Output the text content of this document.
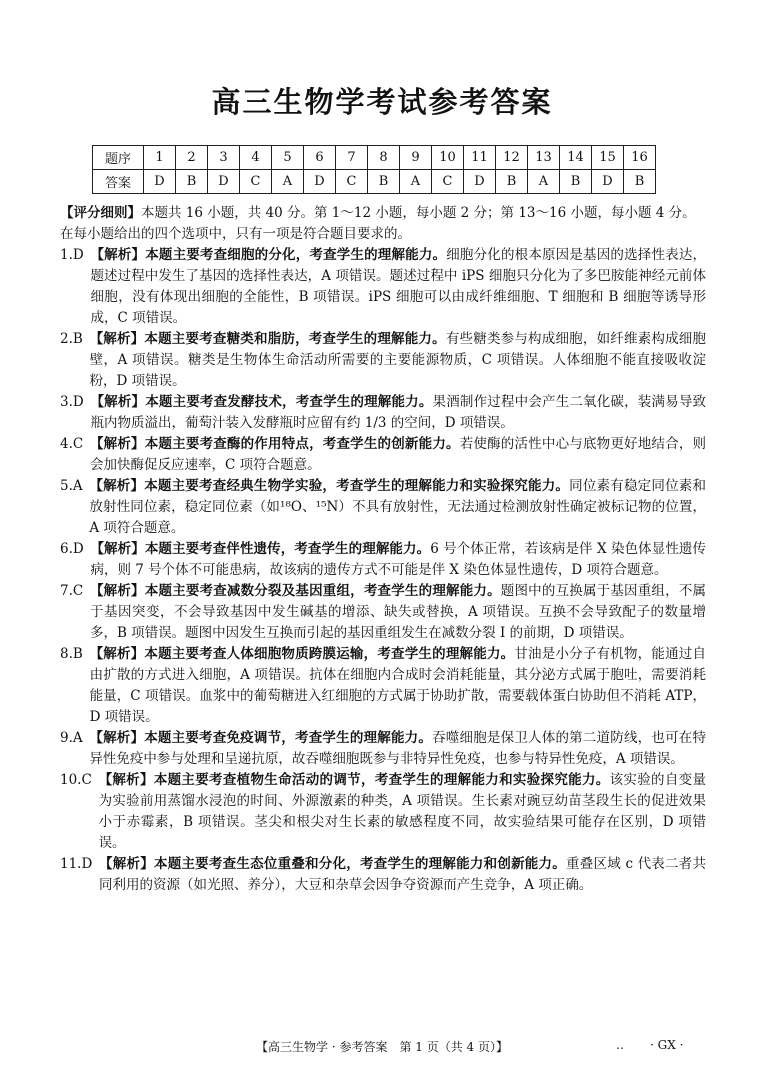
高三生物学考试参考答案
题序	1	2	3	4	5	6	7	8	9	10	11	12	13	14	15	16
答案	D	B	D	C	A	D	C	B	A	C	D	B	A	B	D	B

【评分细则】本题共 16 小题，共 40 分。第 1～12 小题，每小题 2 分；第 13～16 小题，每小题 4 分。在每小题给出的四个选项中，只有一项是符合题目要求的。

1.D
  【解析】本题主要考查细胞的分化，考查学生的理解能力。细胞分化的根本原因是基因的选择性表达，题述过程中发生了基因的选择性表达，A 项错误。题述过程中 iPS 细胞只分化为了多巴胺能神经元前体细胞，没有体现出细胞的全能性，B 项错误。iPS 细胞可以由成纤维细胞、T 细胞和 B 细胞等诱导形成，C 项错误。
2.B
  【解析】本题主要考查糖类和脂肪，考查学生的理解能力。有些糖类参与构成细胞，如纤维素构成细胞壁，A 项错误。糖类是生物体生命活动所需要的主要能源物质，C 项错误。人体细胞不能直接吸收淀粉，D 项错误。
3.D
  【解析】本题主要考查发酵技术，考查学生的理解能力。果酒制作过程中会产生二氧化碳，装满易导致瓶内物质溢出，葡萄汁装入发酵瓶时应留有约 1/3 的空间，D 项错误。
4.C
  【解析】本题主要考查酶的作用特点，考查学生的创新能力。若使酶的活性中心与底物更好地结合，则会加快酶促反应速率，C 项符合题意。
5.A
  【解析】本题主要考查经典生物学实验，考查学生的理解能力和实验探究能力。同位素有稳定同位素和放射性同位素，稳定同位素（如¹⁸O、¹⁵N）不具有放射性，无法通过检测放射性确定被标记物的位置，A 项符合题意。
6.D
  【解析】本题主要考查伴性遗传，考查学生的理解能力。6 号个体正常，若该病是伴 X 染色体显性遗传病，则 7 号个体不可能患病，故该病的遗传方式不可能是伴 X 染色体显性遗传，D 项符合题意。
7.C
  【解析】本题主要考查减数分裂及基因重组，考查学生的理解能力。题图中的互换属于基因重组，不属于基因突变，不会导致基因中发生碱基的增添、缺失或替换，A 项错误。互换不会导致配子的数量增多，B 项错误。题图中因发生互换而引起的基因重组发生在减数分裂 Ⅰ 的前期，D 项错误。
8.B
  【解析】本题主要考查人体细胞物质跨膜运输，考查学生的理解能力。甘油是小分子有机物，能通过自由扩散的方式进入细胞，A 项错误。抗体在细胞内合成时会消耗能量，其分泌方式属于胞吐，需要消耗能量，C 项错误。血浆中的葡萄糖进入红细胞的方式属于协助扩散，需要载体蛋白协助但不消耗 ATP，D 项错误。
9.A
  【解析】本题主要考查免疫调节，考查学生的理解能力。吞噬细胞是保卫人体的第二道防线，也可在特异性免疫中参与处理和呈递抗原，故吞噬细胞既参与非特异性免疫，也参与特异性免疫，A 项错误。
10.C
  【解析】本题主要考查植物生命活动的调节，考查学生的理解能力和实验探究能力。该实验的自变量为实验前用蒸馏水浸泡的时间、外源激素的种类，A 项错误。生长素对豌豆幼苗茎段生长的促进效果小于赤霉素，B 项错误。茎尖和根尖对生长素的敏感程度不同，故实验结果可能存在区别，D 项错误。
11.D
  【解析】本题主要考查生态位重叠和分化，考查学生的理解能力和创新能力。重叠区域 c 代表二者共同利用的资源（如光照、养分），大豆和杂草会因争夺资源而产生竞争，A 项正确。
【高三生物学 · 参考答案　第 1 页（共 4 页）】	‥ · GX ·
